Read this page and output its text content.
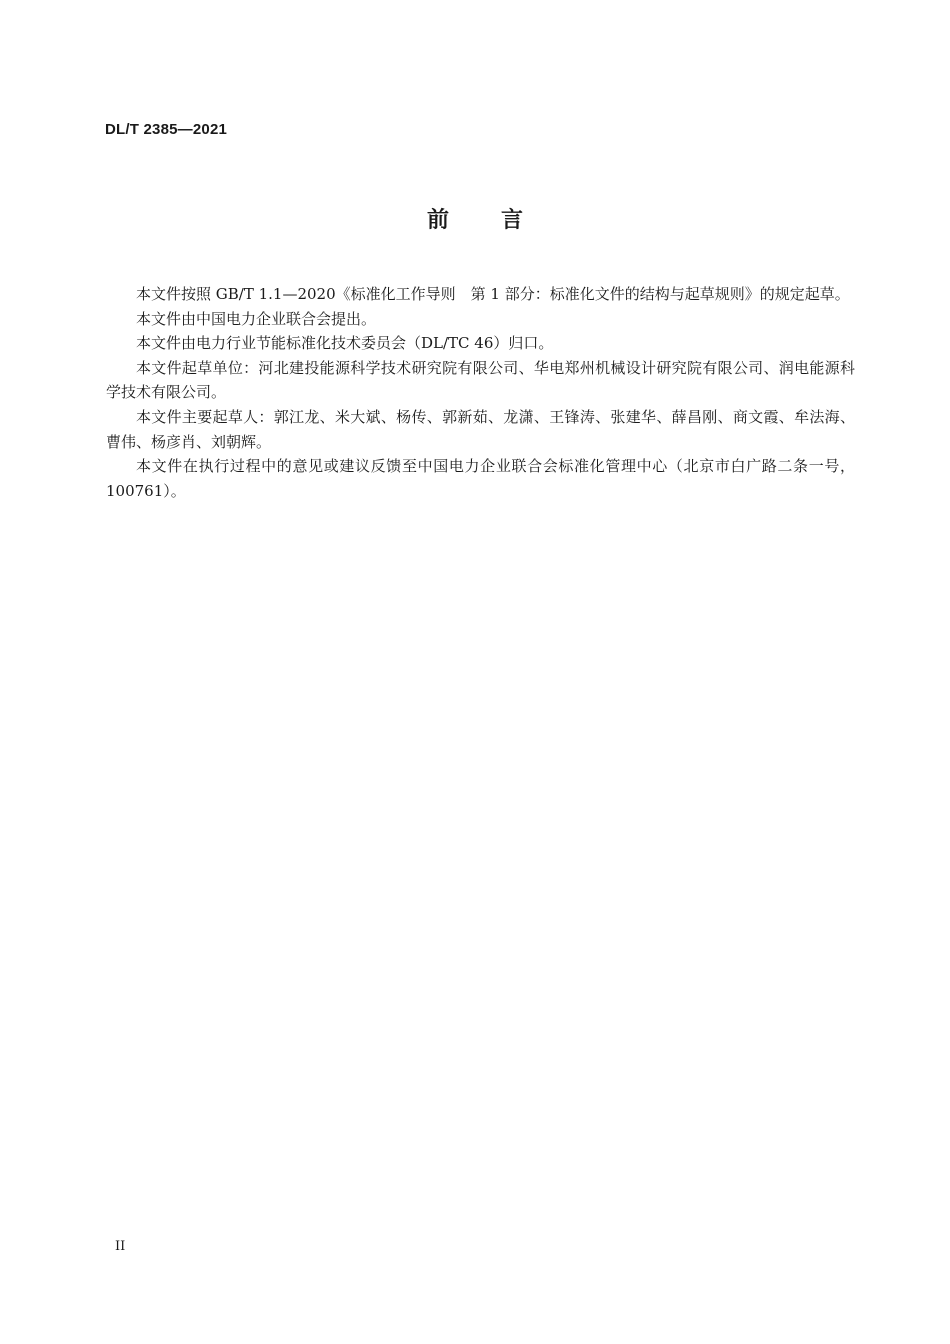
DL/T 2385—2021
前言

本文件按照 GB/T 1.1—2020《标准化工作导则　第 1 部分：标准化文件的结构与起草规则》的规定起草。

本文件由中国电力企业联合会提出。

本文件由电力行业节能标准化技术委员会（DL/TC 46）归口。

本文件起草单位：河北建投能源科学技术研究院有限公司、华电郑州机械设计研究院有限公司、润电能源科学技术有限公司。

本文件主要起草人：郭江龙、米大斌、杨传、郭新茹、龙潇、王锋涛、张建华、薛昌刚、商文霞、牟法海、曹伟、杨彦肖、刘朝辉。

本文件在执行过程中的意见或建议反馈至中国电力企业联合会标准化管理中心（北京市白广路二条一号，100761）。

II
